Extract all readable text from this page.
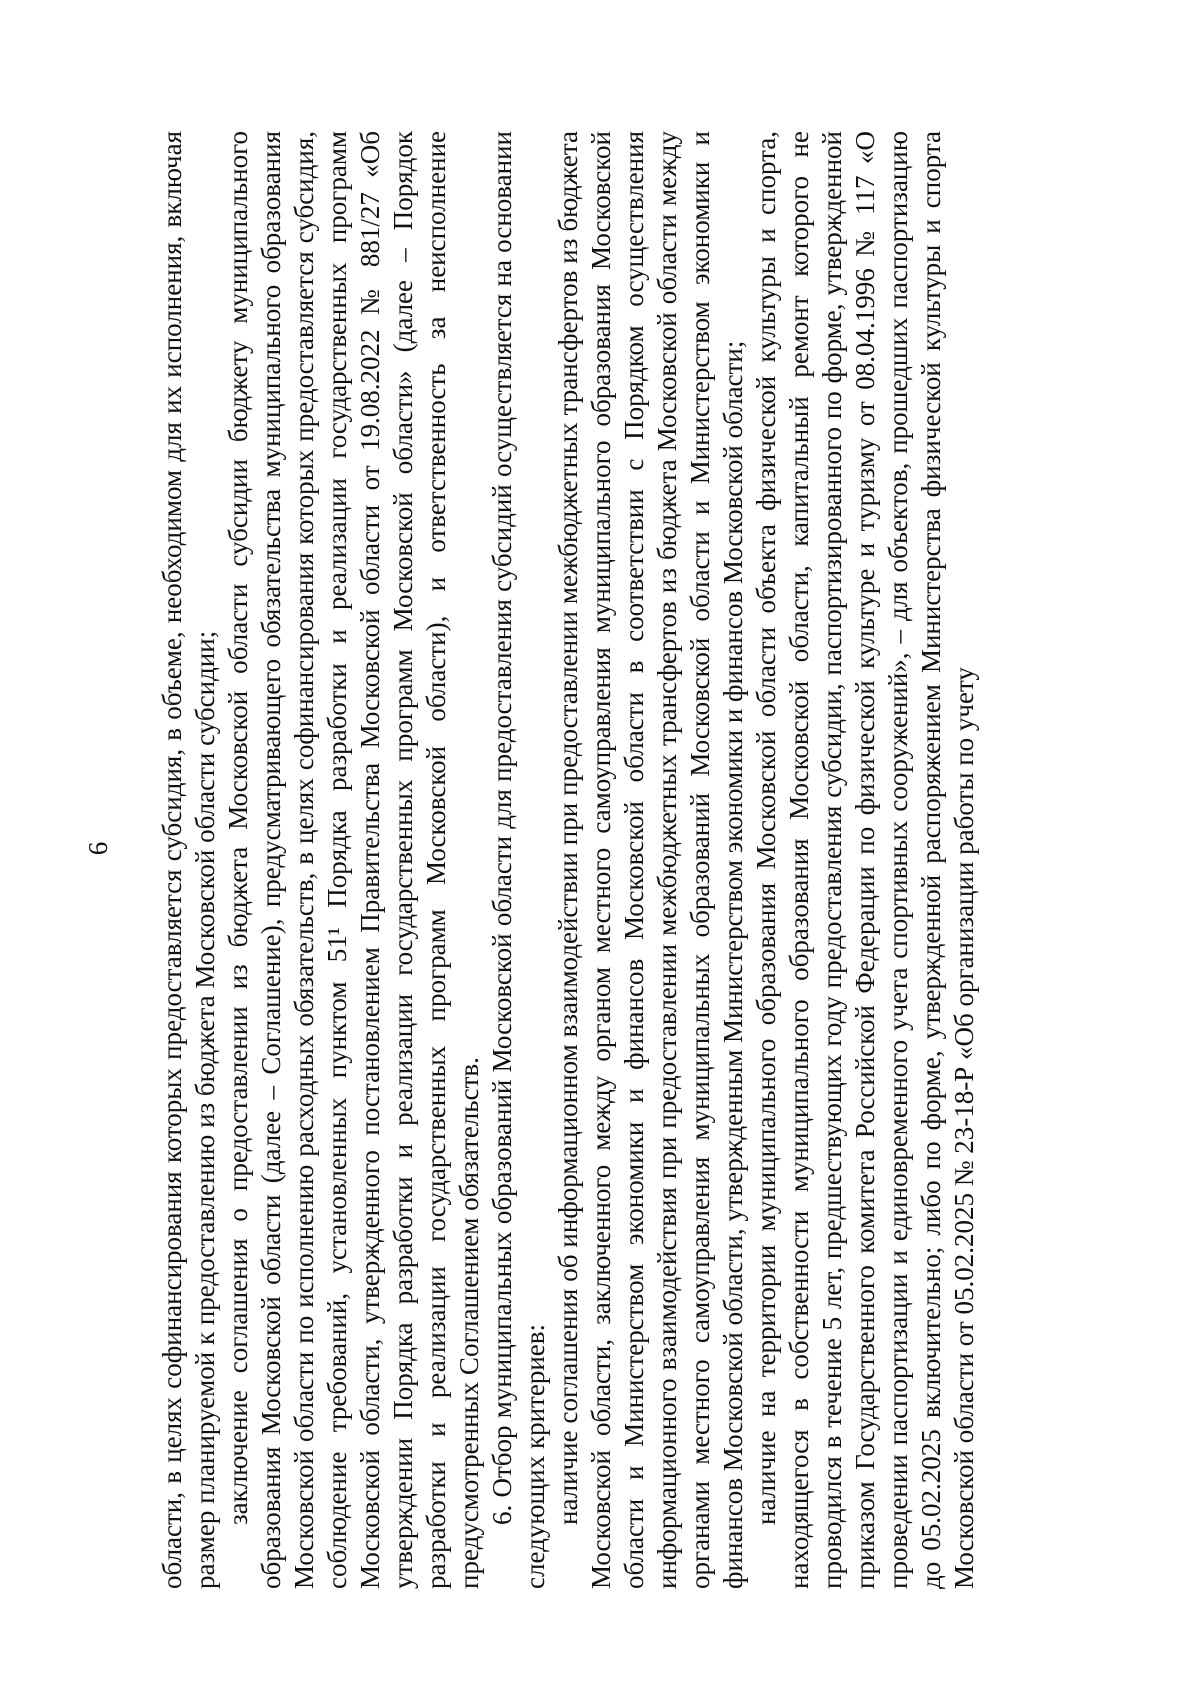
6 области, в целях софинансирования которых предоставляется субсидия, в объеме, необходимом для их исполнения, включая размер планируемой к предоставлению из бюджета Московской области субсидии; заключение соглашения о предоставлении из бюджета Московской области субсидии бюджету муниципального образования Московской области (далее – Соглашение), предусматривающего обязательства муниципального образования Московской области по исполнению расходных обязательств, в целях софинансирования которых предоставляется субсидия, соблюдение требований, установленных пунктом 51¹ Порядка разработки и реализации государственных программ Московской области, утвержденного постановлением Правительства Московской области от 19.08.2022 № 881/27 «Об утверждении Порядка разработки и реализации государственных программ Московской области» (далее – Порядок разработки и реализации государственных программ Московской области), и ответственность за неисполнение предусмотренных Соглашением обязательств. 6. Отбор муниципальных образований Московской области для предоставления субсидий осуществляется на основании следующих критериев: наличие соглашения об информационном взаимодействии при предоставлении межбюджетных трансфертов из бюджета Московской области, заключенного между органом местного самоуправления муниципального образования Московской области и Министерством экономики и финансов Московской области в соответствии с Порядком осуществления информационного взаимодействия при предоставлении межбюджетных трансфертов из бюджета Московской области между органами местного самоуправления муниципальных образований Московской области и Министерством экономики и финансов Московской области, утвержденным Министерством экономики и финансов Московской области; наличие на территории муниципального образования Московской области объекта физической культуры и спорта, находящегося в собственности муниципального образования Московской области, капитальный ремонт которого не проводился в течение 5 лет, предшествующих году предоставления субсидии, паспортизированного по форме, утвержденной приказом Государственного комитета Российской Федерации по физической культуре и туризму от 08.04.1996 № 117 «О проведении паспортизации и единовременного учета спортивных сооружений», – для объектов, прошедших паспортизацию до 05.02.2025 включительно; либо по форме, утвержденной распоряжением Министерства физической культуры и спорта Московской области от 05.02.2025 № 23-18-Р «Об организации работы по учету
